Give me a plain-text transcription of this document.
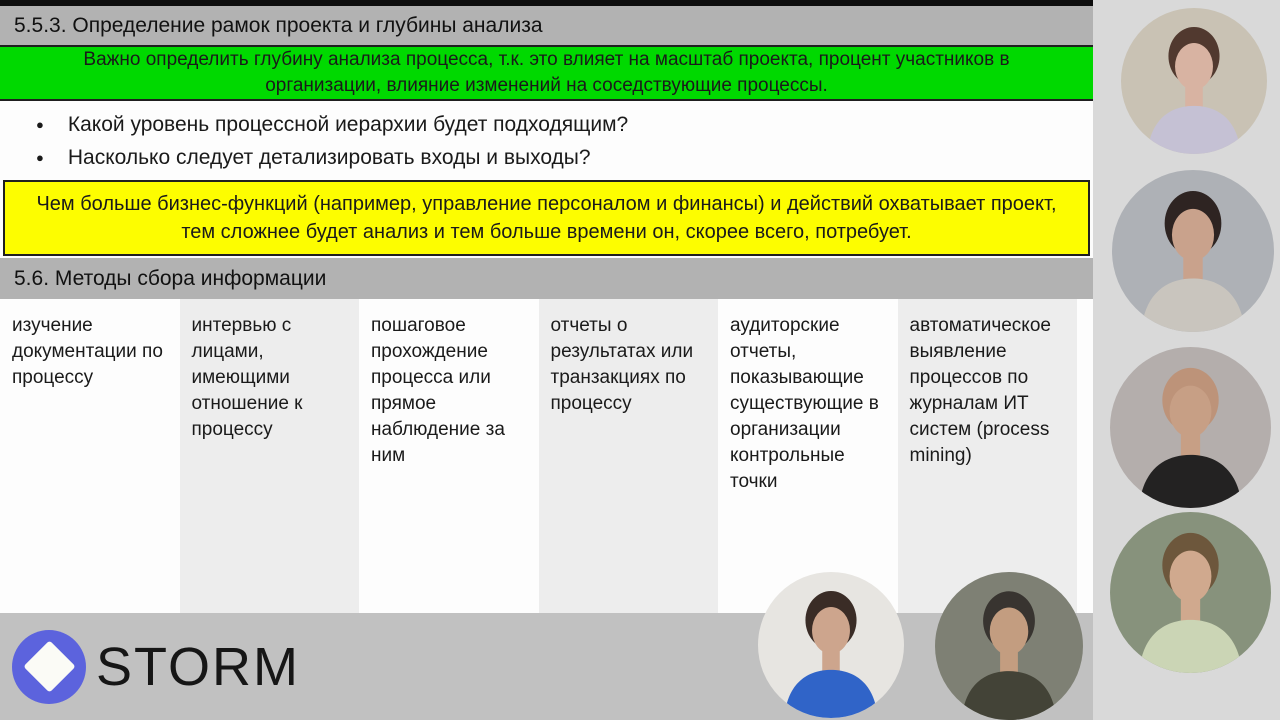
5.5.3. Определение рамок проекта и глубины анализа
Важно определить глубину анализа процесса, т.к. это влияет на масштаб проекта, процент участников в организации, влияние изменений на соседствующие процессы.
● Какой уровень процессной иерархии будет подходящим?
● Насколько следует детализировать входы и выходы?
Чем больше бизнес-функций (например, управление персоналом и финансы) и действий охватывает проект, тем сложнее будет анализ и тем больше времени он, скорее всего, потребует.
5.6. Методы сбора информации
изучение документации по процессу
интервью с лицами, имеющими отношение к процессу
пошаговое прохождение процесса или прямое наблюдение за ним
отчеты о результатах или транзакциях по процессу
аудиторские отчеты, показывающие существующие в организации контрольные точки
автоматическое выявление процессов по журналам ИТ систем (process mining)
STORM
